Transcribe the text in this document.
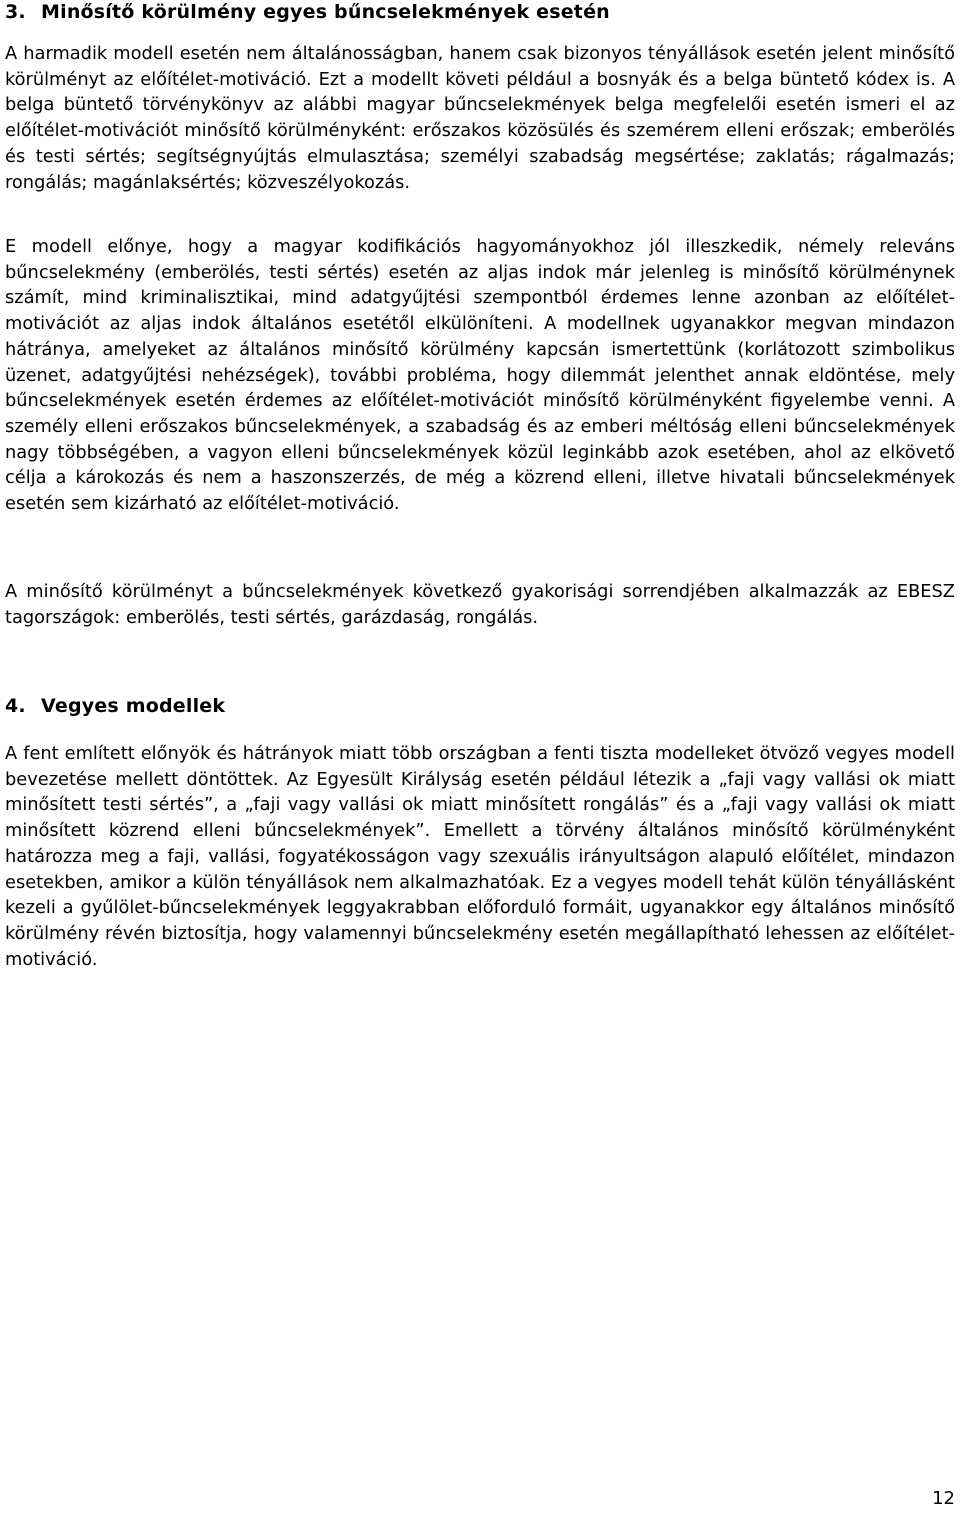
3. Minősítő körülmény egyes bűncselekmények esetén

A harmadik modell esetén nem általánosságban, hanem csak bizonyos tényállások esetén jelent minősítő körülményt az előítélet-motiváció. Ezt a modellt követi például a bosnyák és a belga büntető kódex is. A belga büntető törvénykönyv az alábbi magyar bűncselekmények belga megfelelői esetén ismeri el az előítélet-motivációt minősítő körülményként: erőszakos közösülés és szemérem elleni erőszak; emberölés és testi sértés; segítségnyújtás elmulasztása; személyi szabadság megsértése; zaklatás; rágalmazás; rongálás; magánlaksértés; közveszélyokozás.

E modell előnye, hogy a magyar kodifikációs hagyományokhoz jól illeszkedik, némely releváns bűncselekmény (emberölés, testi sértés) esetén az aljas indok már jelenleg is minősítő körülménynek számít, mind kriminalisztikai, mind adatgyűjtési szempontból érdemes lenne azonban az előítélet-motivációt az aljas indok általános esetétől elkülöníteni. A modellnek ugyanakkor megvan mindazon hátránya, amelyeket az általános minősítő körülmény kapcsán ismertettünk (korlátozott szimbolikus üzenet, adatgyűjtési nehézségek), további probléma, hogy dilemmát jelenthet annak eldöntése, mely bűncselekmények esetén érdemes az előítélet-motivációt minősítő körülményként figyelembe venni. A személy elleni erőszakos bűncselekmények, a szabadság és az emberi méltóság elleni bűncselekmények nagy többségében, a vagyon elleni bűncselekmények közül leginkább azok esetében, ahol az elkövető célja a károkozás és nem a haszonszerzés, de még a közrend elleni, illetve hivatali bűncselekmények esetén sem kizárható az előítélet-motiváció.

A minősítő körülményt a bűncselekmények következő gyakorisági sorrendjében alkalmazzák az EBESZ tagországok: emberölés, testi sértés, garázdaság, rongálás.

4. Vegyes modellek

A fent említett előnyök és hátrányok miatt több országban a fenti tiszta modelleket ötvöző vegyes modell bevezetése mellett döntöttek. Az Egyesült Királyság esetén például létezik a „faji vagy vallási ok miatt minősített testi sértés”, a „faji vagy vallási ok miatt minősített rongálás” és a „faji vagy vallási ok miatt minősített közrend elleni bűncselekmények”. Emellett a törvény általános minősítő körülményként határozza meg a faji, vallási, fogyatékosságon vagy szexuális irányultságon alapuló előítélet, mindazon esetekben, amikor a külön tényállások nem alkalmazhatóak. Ez a vegyes modell tehát külön tényállásként kezeli a gyűlölet-bűncselekmények leggyakrabban előforduló formáit, ugyanakkor egy általános minősítő körülmény révén biztosítja, hogy valamennyi bűncselekmény esetén megállapítható lehessen az előítélet-motiváció.

12
